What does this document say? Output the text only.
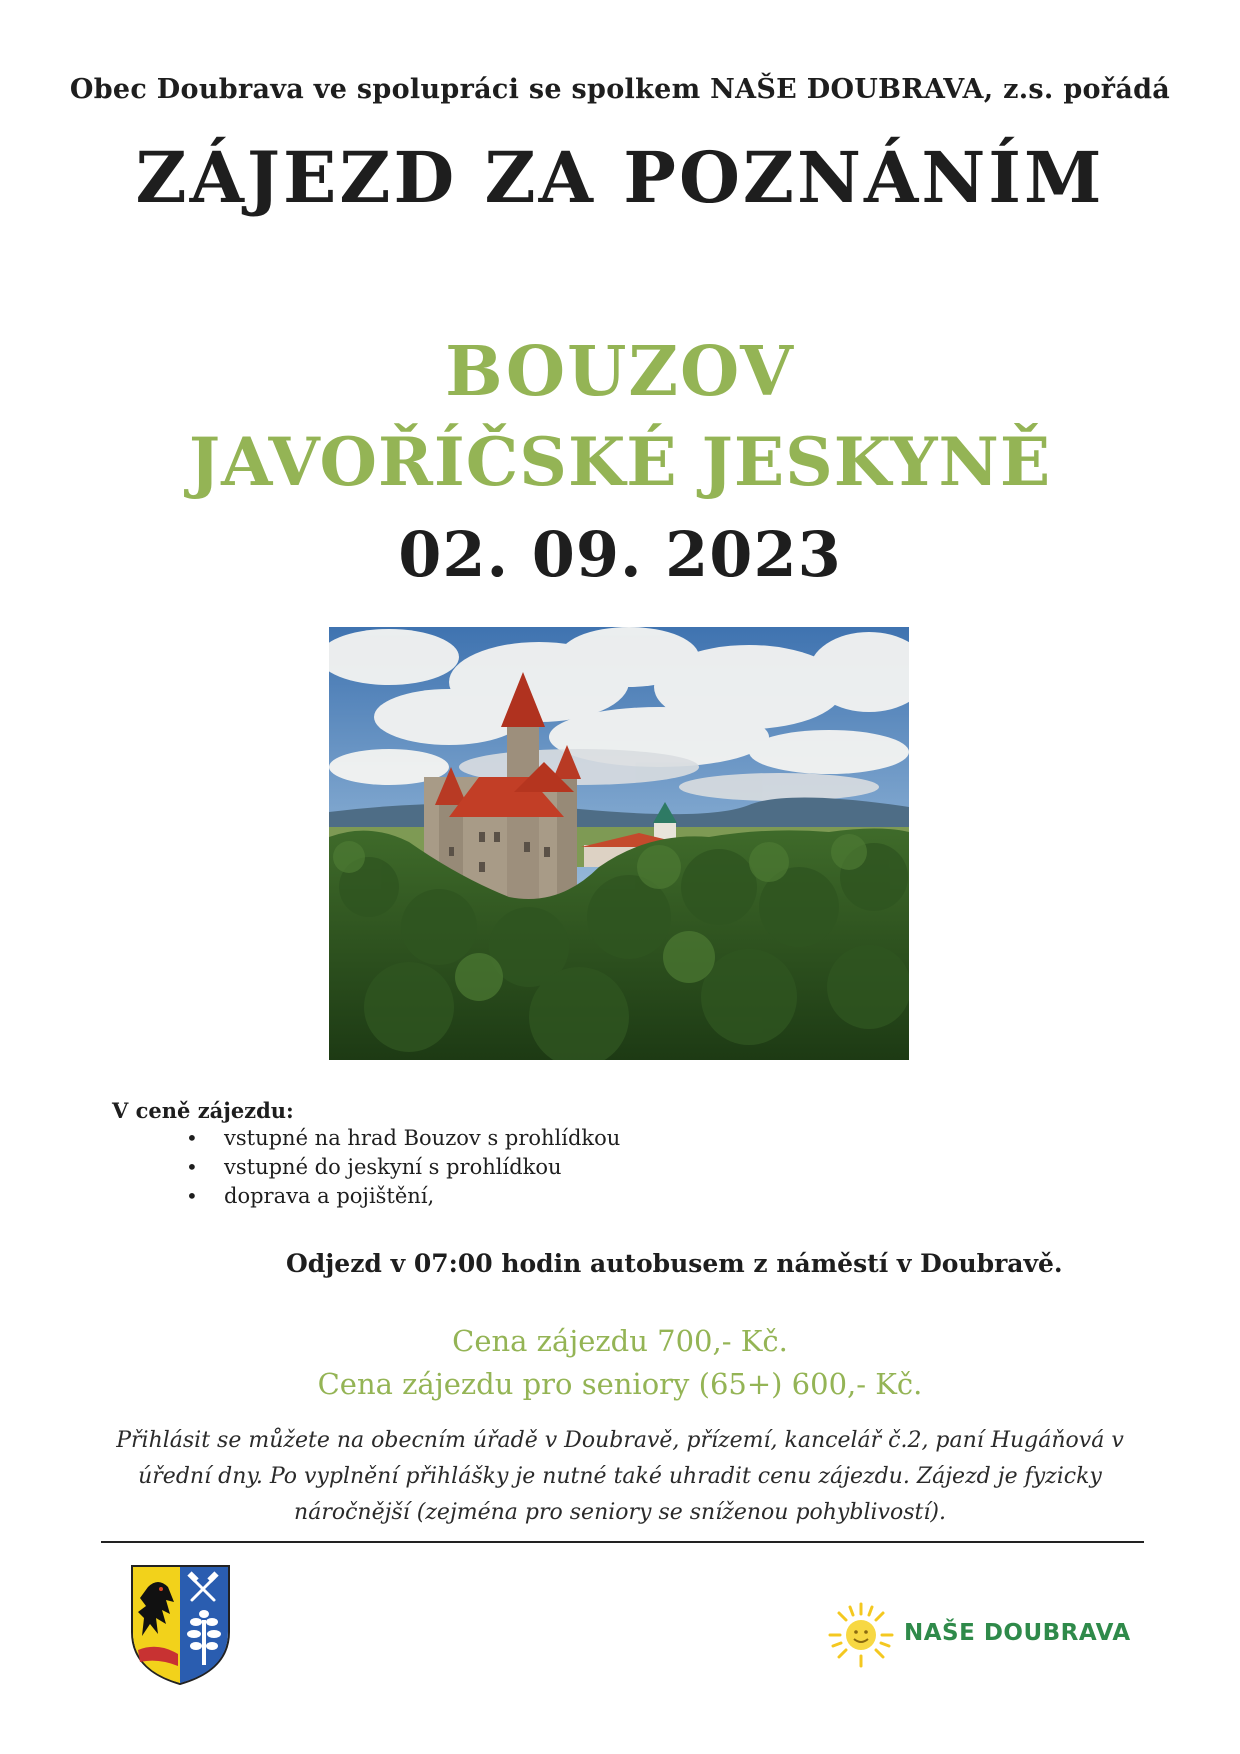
Obec Doubrava ve spolupráci se spolkem NAŠE DOUBRAVA, z.s. pořádá
ZÁJEZD ZA POZNÁNÍM
BOUZOV
JAVOŘÍČSKÉ JESKYNĚ
02. 09. 2023
V ceně zájezdu:
• vstupné na hrad Bouzov s prohlídkou
• vstupné do jeskyní s prohlídkou
• doprava a pojištění,
Odjezd v 07:00 hodin autobusem z náměstí v Doubravě.
Cena zájezdu 700,- Kč.
Cena zájezdu pro seniory (65+) 600,- Kč.
Přihlásit se můžete na obecním úřadě v Doubravě, přízemí, kancelář č.2, paní Hugáňová v úřední dny. Po vyplnění přihlášky je nutné také uhradit cenu zájezdu. Zájezd je fyzicky náročnější (zejména pro seniory se sníženou pohyblivostí).
NAŠE DOUBRAVA
